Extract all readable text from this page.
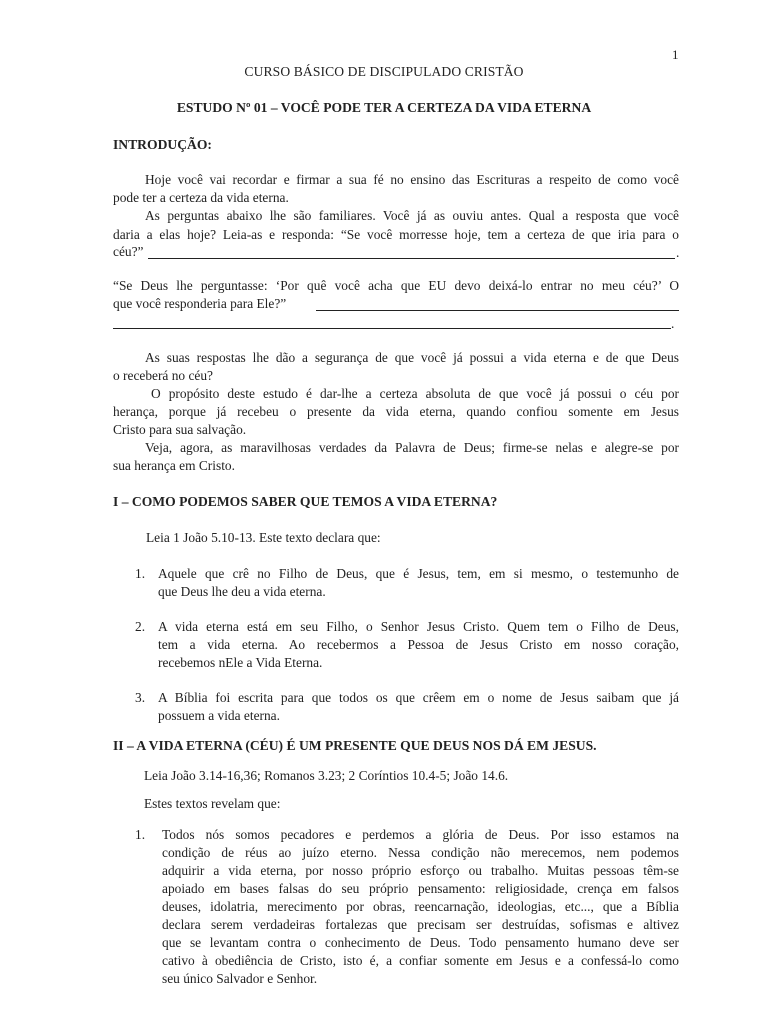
1
CURSO BÁSICO DE DISCIPULADO CRISTÃO
ESTUDO Nº 01 – VOCÊ PODE TER A CERTEZA DA VIDA ETERNA
INTRODUÇÃO:
Hoje você vai recordar e firmar a sua fé no ensino das Escrituras a respeito de como você
pode ter a certeza da vida eterna.
As perguntas abaixo lhe são familiares. Você já as ouviu antes. Qual a resposta que você
daria a elas hoje? Leia-as e responda: “Se você morresse hoje, tem a certeza de que iria para o
céu?”	.
“Se Deus lhe perguntasse: ‘Por quê você acha que EU devo deixá-lo entrar no meu céu?’ O
que você responderia para Ele?”
.
As suas respostas lhe dão a segurança de que você já possui a vida eterna e de que Deus
o receberá no céu?
O propósito deste estudo é dar-lhe a certeza absoluta de que você já possui o céu por
herança, porque já recebeu o presente da vida eterna, quando confiou somente em Jesus
Cristo para sua salvação.
Veja, agora, as maravilhosas verdades da Palavra de Deus; firme-se nelas e alegre-se por
sua herança em Cristo.
I – COMO PODEMOS SABER QUE TEMOS A VIDA ETERNA?
Leia 1 João 5.10-13. Este texto declara que:
1. Aquele que crê no Filho de Deus, que é Jesus, tem, em si mesmo, o testemunho de
que Deus lhe deu a vida eterna.
2. A vida eterna está em seu Filho, o Senhor Jesus Cristo. Quem tem o Filho de Deus,
tem a vida eterna. Ao recebermos a Pessoa de Jesus Cristo em nosso coração,
recebemos nEle a Vida Eterna.
3. A Bíblia foi escrita para que todos os que crêem em o nome de Jesus saibam que já
possuem a vida eterna.
II – A VIDA ETERNA (CÉU) É UM PRESENTE QUE DEUS NOS DÁ EM JESUS.
Leia João 3.14-16,36; Romanos 3.23; 2 Coríntios 10.4-5; João 14.6.
Estes textos revelam que:
1. Todos nós somos pecadores e perdemos a glória de Deus. Por isso estamos na
condição de réus ao juízo eterno. Nessa condição não merecemos, nem podemos
adquirir a vida eterna, por nosso próprio esforço ou trabalho. Muitas pessoas têm-se
apoiado em bases falsas do seu próprio pensamento: religiosidade, crença em falsos
deuses, idolatria, merecimento por obras, reencarnação, ideologias, etc..., que a Bíblia
declara serem verdadeiras fortalezas que precisam ser destruídas, sofismas e altivez
que se levantam contra o conhecimento de Deus. Todo pensamento humano deve ser
cativo à obediência de Cristo, isto é, a confiar somente em Jesus e a confessá-lo como
seu único Salvador e Senhor.
